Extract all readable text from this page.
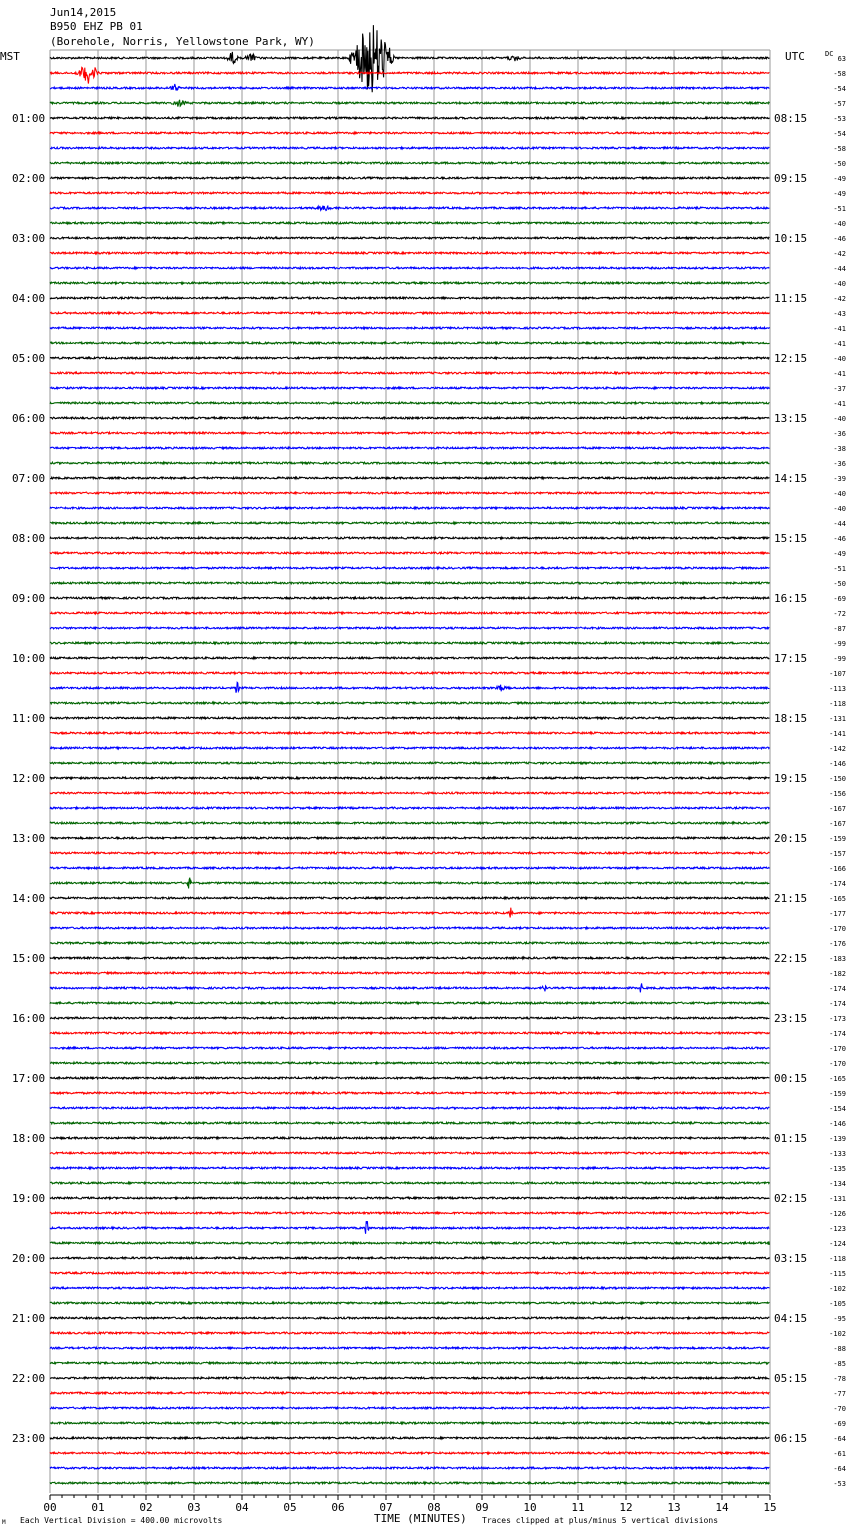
Jun14,2015
B950 EHZ PB 01
(Borehole, Norris, Yellowstone Park, WY)
MST	UTC	DC
01:00
02:00
03:00
04:00
05:00
06:00
07:00
08:00
09:00
10:00
11:00
12:00
13:00
14:00
15:00
16:00
17:00
18:00
19:00
20:00
21:00
22:00
23:00
08:15
09:15
10:15
11:15
12:15
13:15
14:15
15:15
16:15
17:15
18:15
19:15
20:15
21:15
22:15
23:15
00:15
01:15
02:15
03:15
04:15
05:15
06:15
63
-58
-54
-57
-53
-54
-58
-50
-49
-49
-51
-40
-46
-42
-44
-40
-42
-43
-41
-41
-40
-41
-37
-41
-40
-36
-38
-36
-39
-40
-40
-44
-46
-49
-51
-50
-69
-72
-87
-99
-99
-107
-113
-118
-131
-141
-142
-146
-150
-156
-167
-167
-159
-157
-166
-174
-165
-177
-170
-176
-183
-182
-174
-174
-173
-174
-170
-170
-165
-159
-154
-146
-139
-133
-135
-134
-131
-126
-123
-124
-118
-115
-102
-105
-95
-102
-88
-85
-78
-77
-70
-69
-64
-61
-64
-53
00	01	02	03	04	05	06	07	08	09	10	11	12	13	14	15
M Each Vertical Division = 400.00 microvolts	TIME (MINUTES) Traces clipped at plus/minus 5 vertical divisions
